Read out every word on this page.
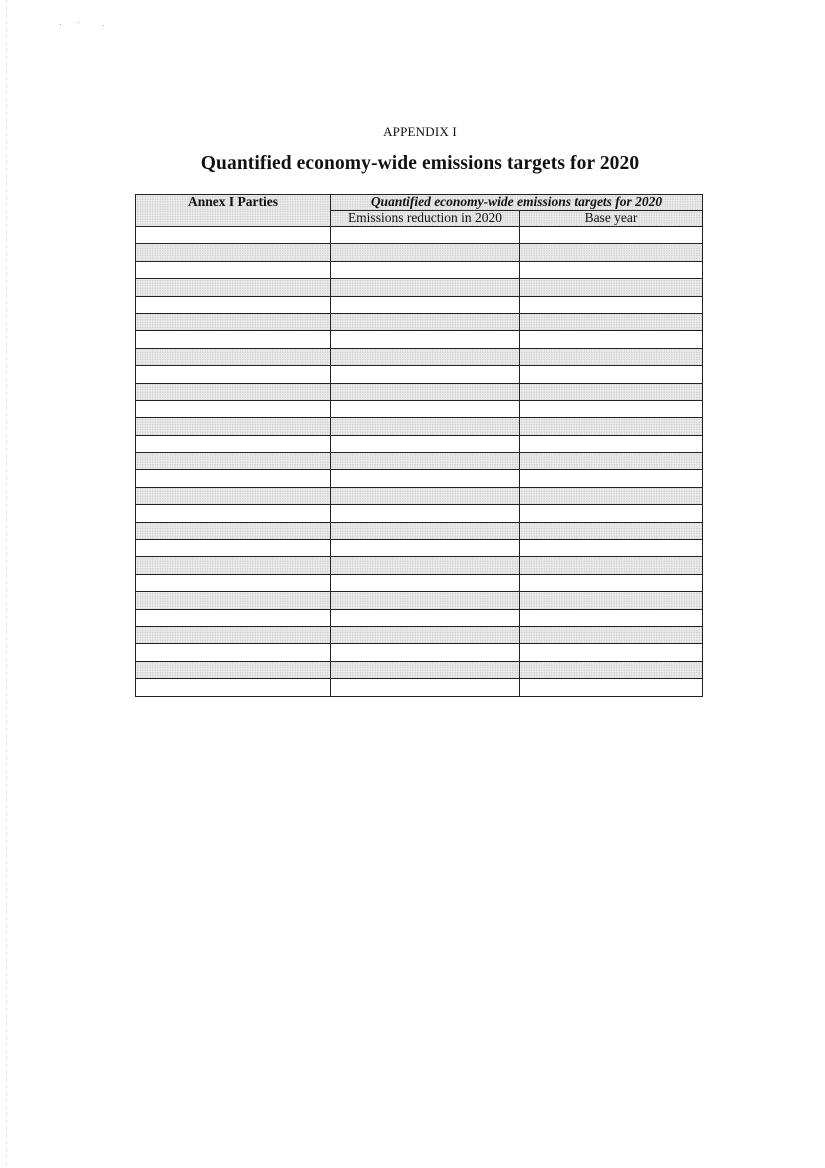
APPENDIX I
Quantified economy-wide emissions targets for 2020
Annex I Parties	Quantified economy-wide emissions targets for 2020	
	Emissions reduction in 2020	Base year
